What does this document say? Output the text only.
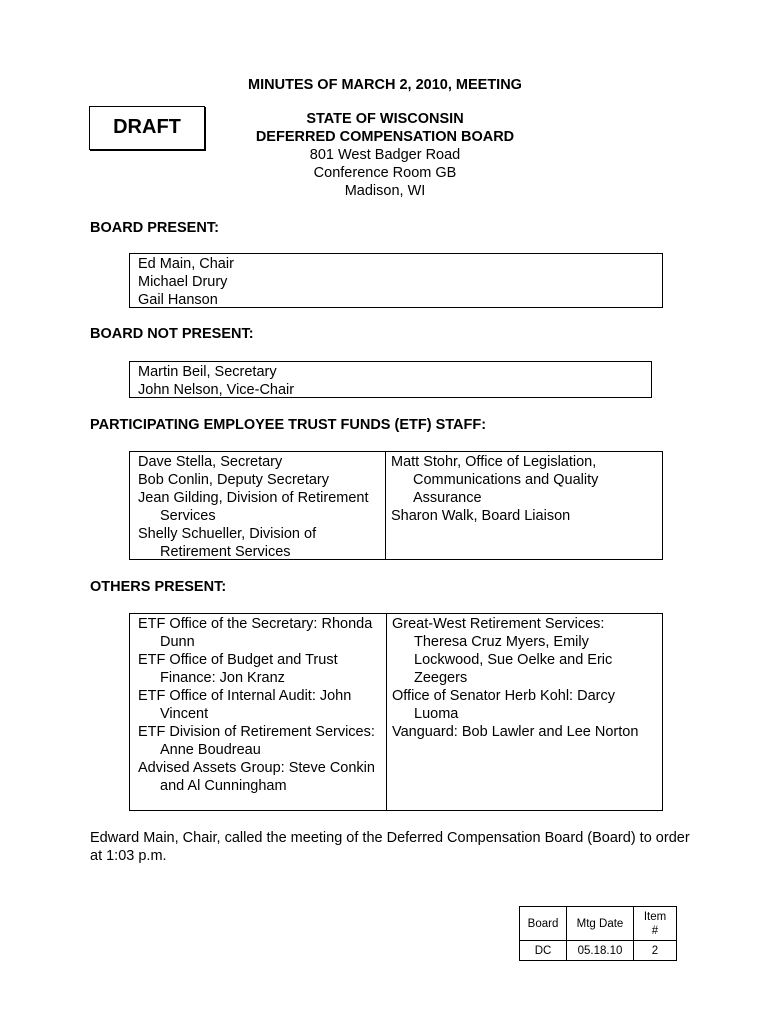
MINUTES OF MARCH 2, 2010, MEETING
DRAFT	STATE OF WISCONSIN
DEFERRED COMPENSATION BOARD
801 West Badger Road
Conference Room GB
Madison, WI
BOARD PRESENT:
Ed Main, Chair
Michael Drury
Gail Hanson
BOARD NOT PRESENT:
Martin Beil, Secretary
John Nelson, Vice-Chair
PARTICIPATING EMPLOYEE TRUST FUNDS (ETF) STAFF:
Dave Stella, Secretary
Bob Conlin, Deputy Secretary
Jean Gilding, Division of Retirement Services
Shelly Schueller, Division of Retirement Services
Matt Stohr, Office of Legislation, Communications and Quality Assurance
Sharon Walk, Board Liaison
OTHERS PRESENT:
ETF Office of the Secretary: Rhonda Dunn
ETF Office of Budget and Trust Finance: Jon Kranz
ETF Office of Internal Audit: John Vincent
ETF Division of Retirement Services: Anne Boudreau
Advised Assets Group: Steve Conkin and Al Cunningham
Great-West Retirement Services: Theresa Cruz Myers, Emily Lockwood, Sue Oelke and Eric Zeegers
Office of Senator Herb Kohl: Darcy Luoma
Vanguard: Bob Lawler and Lee Norton
Edward Main, Chair, called the meeting of the Deferred Compensation Board (Board) to order at 1:03 p.m.
Board	Mtg Date	Item #
DC	05.18.10	2
